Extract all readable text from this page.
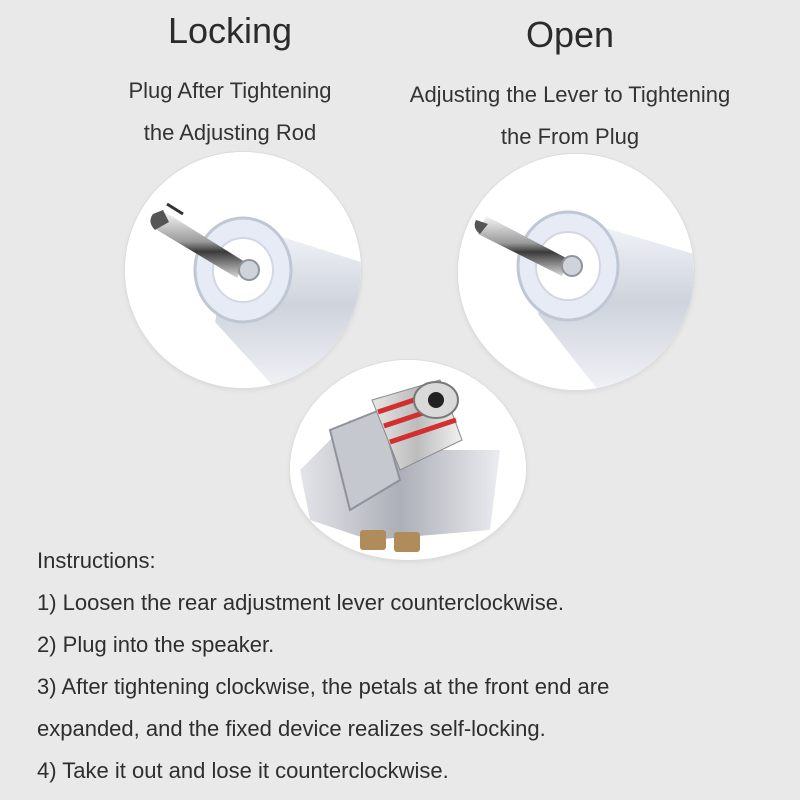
Locking	Open
Plug After Tightening
the Adjusting Rod
Adjusting the Lever to Tightening
the From Plug
Instructions:
1) Loosen the rear adjustment lever counterclockwise.
2) Plug into the speaker.
3) After tightening clockwise, the petals at the front end are
expanded, and the fixed device realizes self-locking.
4) Take it out and lose it counterclockwise.
